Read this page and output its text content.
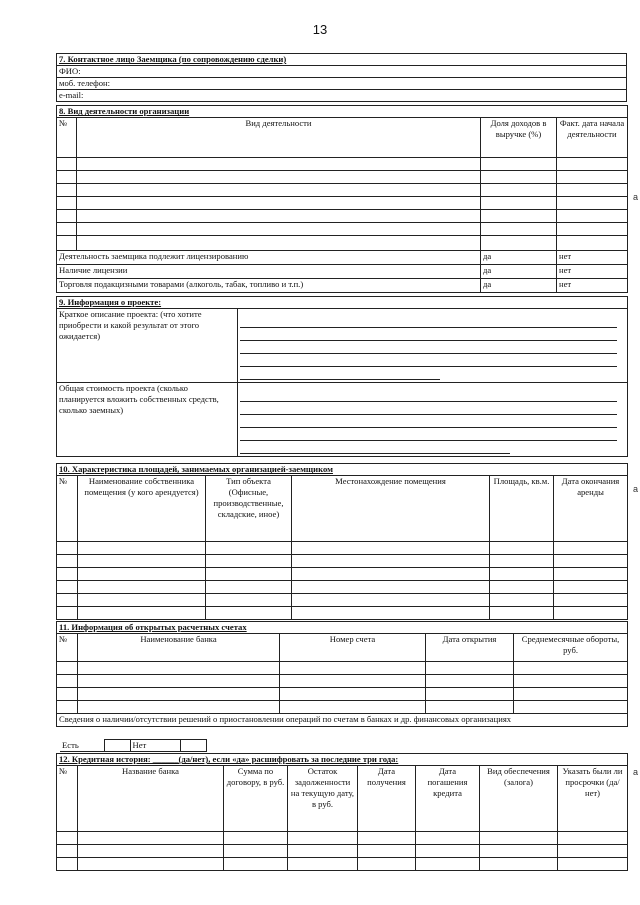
13
7. Контактное лицо Заемщика (по сопровождению сделки)
ФИО:
моб. телефон:
e-mail:
8. Вид деятельности организации			
№	Вид деятельности	Доля доходов в выручке (%)	Факт. дата начала деятельности

Деятельность заемщика подлежит лицензированию		да	нет
Наличие лицензии		да	нет
Торговля подакцизными товарами (алкоголь, табак, топливо и т.п.)		да	нет
9. Информация о проекте:	
Краткое описание проекта: (что хотите приобрести и какой результат от этого ожидается)	

Общая стоимость проекта (сколько планируется вложить собственных средств, сколько заемных)	
10. Характеристика площадей, занимаемых организацией-заемщиком					
№	Наименование собственника помещения (у кого арендуется)	Тип объекта (Офисные, производственные, складские, иное)	Местонахождение помещения	Площадь, кв.м.	Дата окончания аренды

11. Информация об открытых расчетных счетах				
№	Наименование банка	Номер счета	Дата открытия	Среднемесячные обороты, руб.

Сведения о наличии/отсутствии решений о приостановлении операций по счетам в банках и др. финансовых организациях				
Есть		Нет		
12. Кредитная история: ______(да/нет), если «да» расшифровать за последние три года:							
№	Название банка	Сумма по договору, в руб.	Остаток задолженности на текущую дату, в руб.	Дата получения	Дата погашения кредита	Вид обеспечения (залога)	Указать были ли просрочки (да/нет)

а
а
а
